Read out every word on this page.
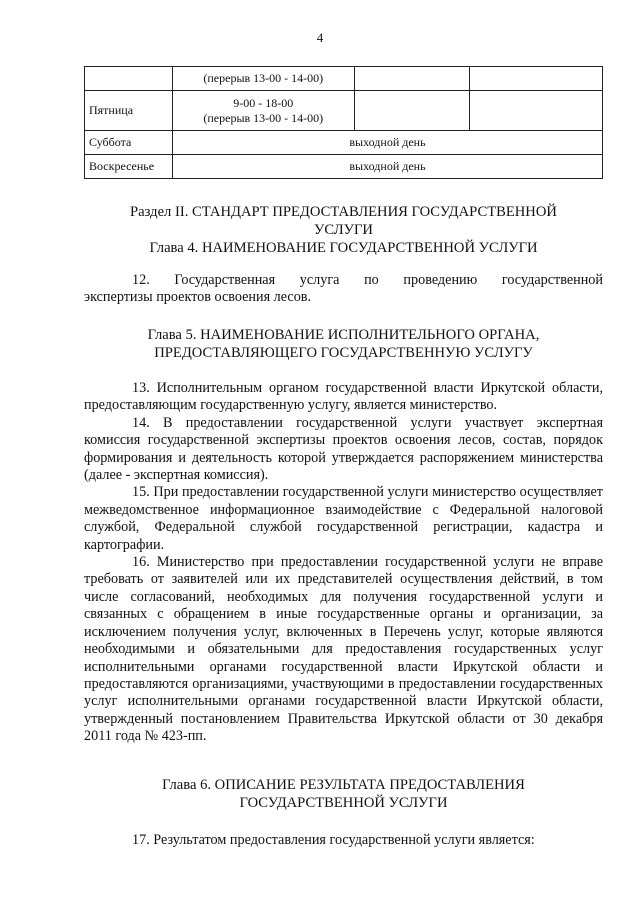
4
	(перерыв 13-00 - 14-00)		
Пятница	9-00 - 18-00
(перерыв 13-00 - 14-00)		

Суббота	выходной день		
Воскресенье	выходной день		
Раздел II. СТАНДАРТ ПРЕДОСТАВЛЕНИЯ ГОСУДАРСТВЕННОЙ
УСЛУГИ
Глава 4. НАИМЕНОВАНИЕ ГОСУДАРСТВЕННОЙ УСЛУГИ
12.    Государственная    услуга    по    проведению    государственной
экспертизы проектов освоения лесов.
Глава 5. НАИМЕНОВАНИЕ ИСПОЛНИТЕЛЬНОГО ОРГАНА,
ПРЕДОСТАВЛЯЮЩЕГО ГОСУДАРСТВЕННУЮ УСЛУГУ

13. Исполнительным органом государственной власти Иркутской области, предоставляющим государственную услугу, является министерство.

14. В предоставлении государственной услуги участвует экспертная комиссия государственной экспертизы проектов освоения лесов, состав, порядок формирования и деятельность которой утверждается распоряжением министерства (далее - экспертная комиссия).

15. При предоставлении государственной услуги министерство осуществляет межведомственное информационное взаимодействие с Федеральной налоговой службой, Федеральной службой государственной регистрации, кадастра и картографии.

16. Министерство при предоставлении государственной услуги не вправе требовать от заявителей или их представителей осуществления действий, в том числе согласований, необходимых для получения государственной услуги и связанных с обращением в иные государственные органы и организации, за исключением получения услуг, включенных в Перечень услуг, которые являются необходимыми и обязательными для предоставления государственных услуг исполнительными органами государственной власти Иркутской области и предоставляются организациями, участвующими в предоставлении государственных услуг исполнительными органами государственной власти Иркутской области, утвержденный постановлением Правительства Иркутской области от 30 декабря 2011 года № 423-пп.

Глава 6. ОПИСАНИЕ РЕЗУЛЬТАТА ПРЕДОСТАВЛЕНИЯ
ГОСУДАРСТВЕННОЙ УСЛУГИ

17. Результатом предоставления государственной услуги является:
